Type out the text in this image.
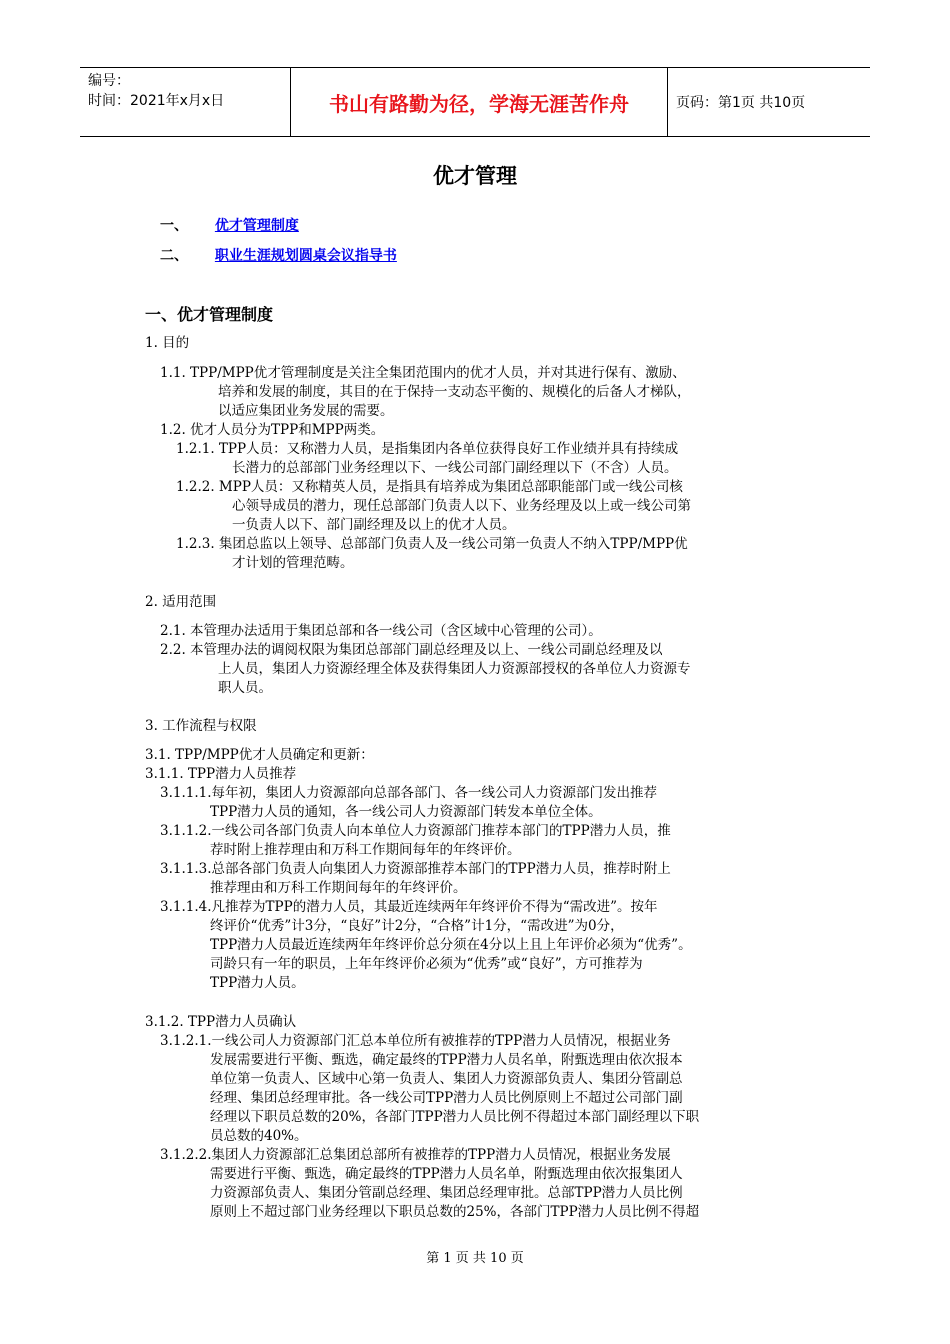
编号：
时间：2021年x月x日	书山有路勤为径，学海无涯苦作舟	页码：第1页 共10页
优才管理
一、 优才管理制度
二、 职业生涯规划圆桌会议指导书
一、优才管理制度
1. 目的
1.1. TPP/MPP优才管理制度是关注全集团范围内的优才人员，并对其进行保有、激励、
培养和发展的制度，其目的在于保持一支动态平衡的、规模化的后备人才梯队，
以适应集团业务发展的需要。
1.2. 优才人员分为TPP和MPP两类。
1.2.1. TPP人员：又称潜力人员，是指集团内各单位获得良好工作业绩并具有持续成
长潜力的总部部门业务经理以下、一线公司部门副经理以下（不含）人员。
1.2.2. MPP人员：又称精英人员，是指具有培养成为集团总部职能部门或一线公司核
心领导成员的潜力，现任总部部门负责人以下、业务经理及以上或一线公司第
一负责人以下、部门副经理及以上的优才人员。
1.2.3. 集团总监以上领导、总部部门负责人及一线公司第一负责人不纳入TPP/MPP优
才计划的管理范畴。
2. 适用范围
2.1. 本管理办法适用于集团总部和各一线公司（含区域中心管理的公司）。
2.2. 本管理办法的调阅权限为集团总部部门副总经理及以上、一线公司副总经理及以
上人员，集团人力资源经理全体及获得集团人力资源部授权的各单位人力资源专
职人员。
3. 工作流程与权限
3.1. TPP/MPP优才人员确定和更新：
3.1.1. TPP潜力人员推荐
3.1.1.1.每年初，集团人力资源部向总部各部门、各一线公司人力资源部门发出推荐
TPP潜力人员的通知，各一线公司人力资源部门转发本单位全体。
3.1.1.2.一线公司各部门负责人向本单位人力资源部门推荐本部门的TPP潜力人员，推
荐时附上推荐理由和万科工作期间每年的年终评价。
3.1.1.3.总部各部门负责人向集团人力资源部推荐本部门的TPP潜力人员，推荐时附上
推荐理由和万科工作期间每年的年终评价。
3.1.1.4.凡推荐为TPP的潜力人员，其最近连续两年年终评价不得为“需改进”。按年
终评价“优秀”计3分，“良好”计2分，“合格”计1分，“需改进”为0分，
TPP潜力人员最近连续两年年终评价总分须在4分以上且上年评价必须为“优秀”。
司龄只有一年的职员，上年年终评价必须为“优秀”或“良好”，方可推荐为
TPP潜力人员。
3.1.2. TPP潜力人员确认
3.1.2.1.一线公司人力资源部门汇总本单位所有被推荐的TPP潜力人员情况，根据业务
发展需要进行平衡、甄选，确定最终的TPP潜力人员名单，附甄选理由依次报本
单位第一负责人、区域中心第一负责人、集团人力资源部负责人、集团分管副总
经理、集团总经理审批。各一线公司TPP潜力人员比例原则上不超过公司部门副
经理以下职员总数的20%，各部门TPP潜力人员比例不得超过本部门副经理以下职
员总数的40%。
3.1.2.2.集团人力资源部汇总集团总部所有被推荐的TPP潜力人员情况，根据业务发展
需要进行平衡、甄选，确定最终的TPP潜力人员名单，附甄选理由依次报集团人
力资源部负责人、集团分管副总经理、集团总经理审批。总部TPP潜力人员比例
原则上不超过部门业务经理以下职员总数的25%，各部门TPP潜力人员比例不得超
第 1 页 共 10 页
